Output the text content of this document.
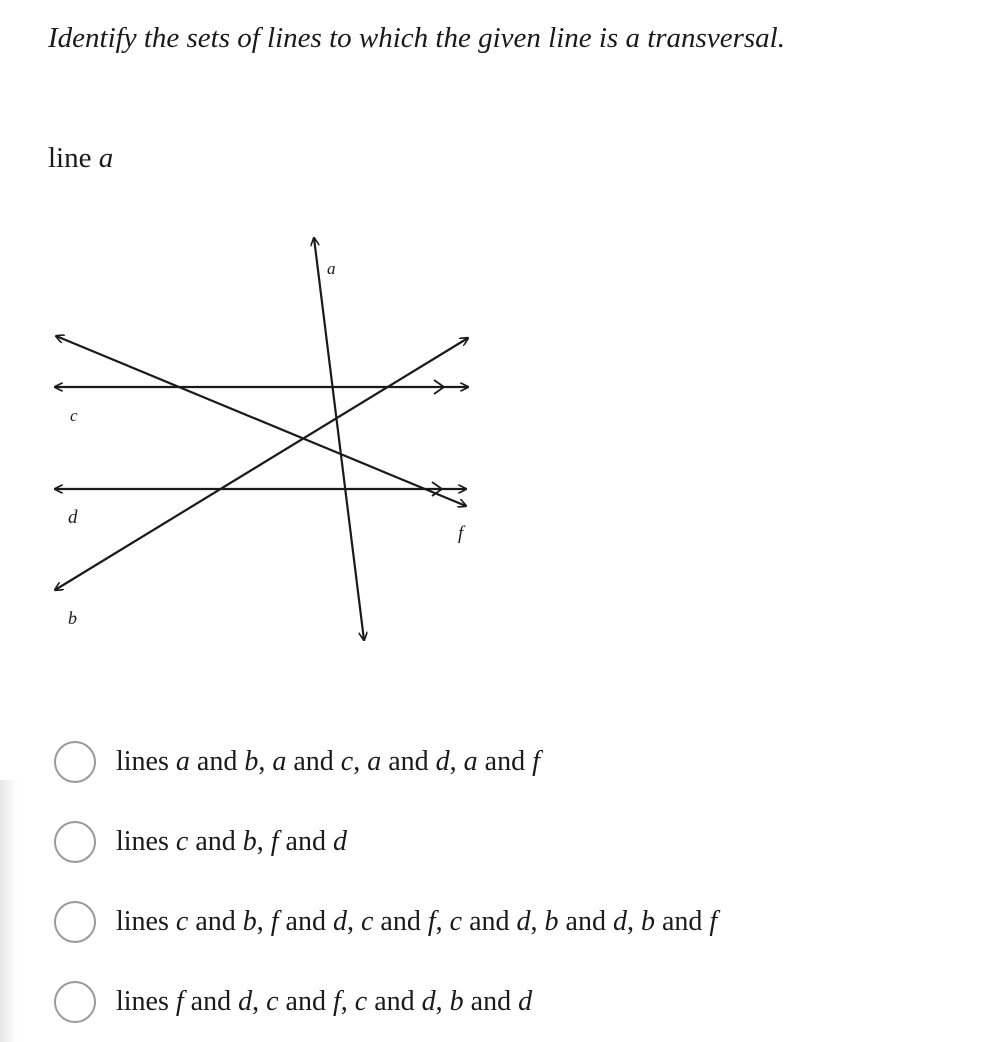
Identify the sets of lines to which the given line is a transversal.
line a
a
c
d
b
f
lines a and b, a and c, a and d, a and f
lines c and b, f and d
lines c and b, f and d, c and f, c and d, b and d, b and f
lines f and d, c and f, c and d, b and d
